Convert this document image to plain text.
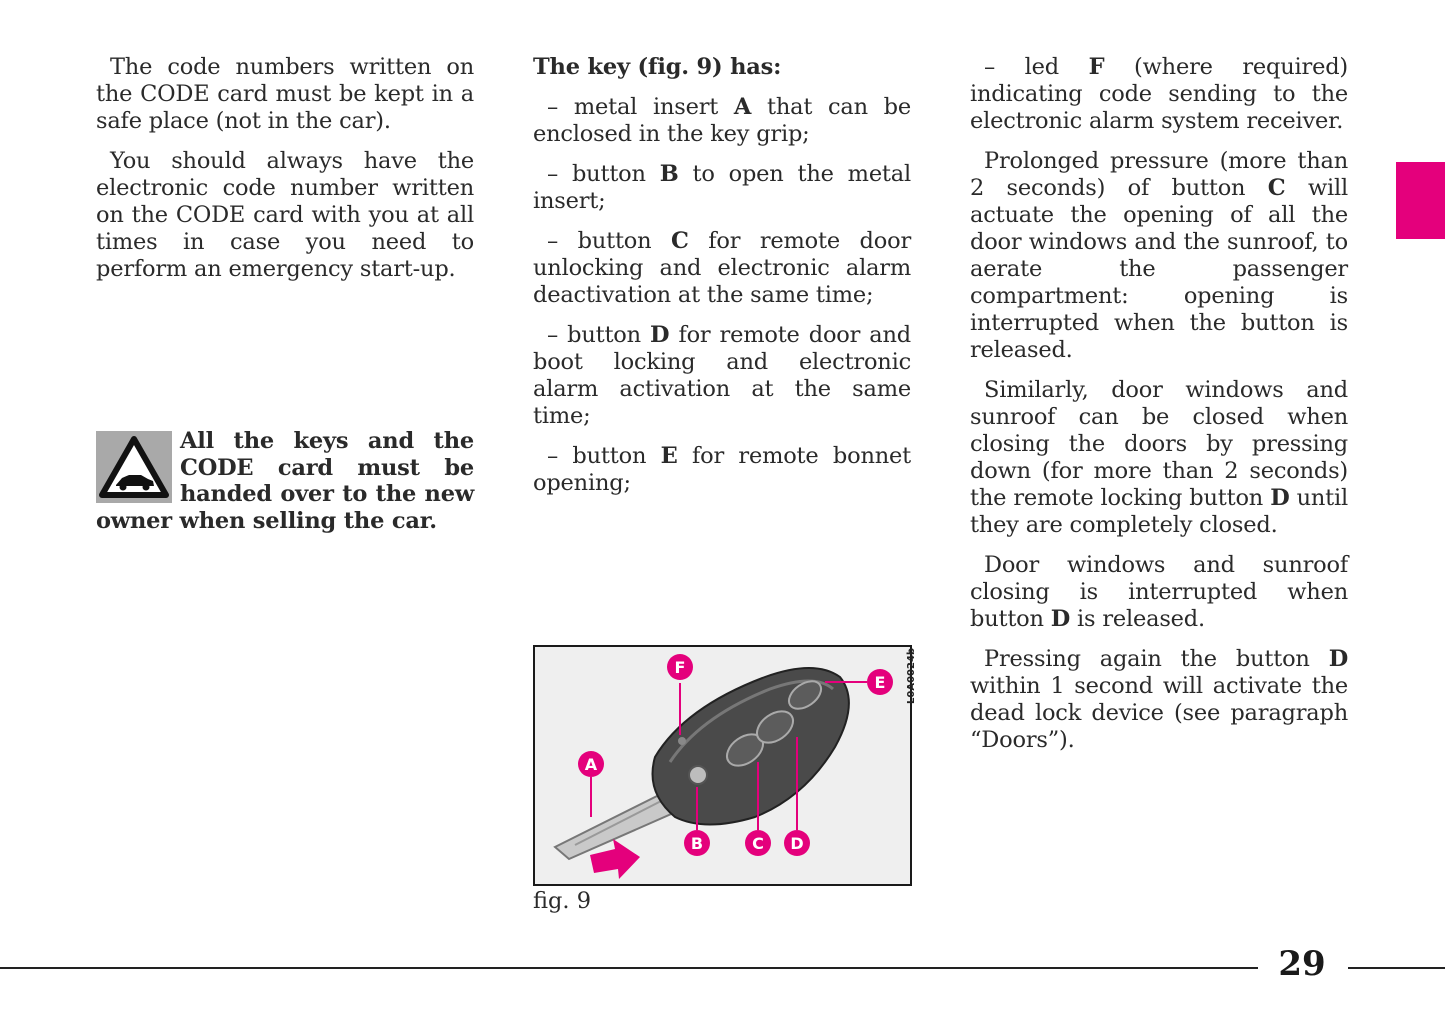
The code numbers written on the CODE card must be kept in a safe place (not in the car).

You should always have the electronic code number written on the CODE card with you at all times in case you need to perform an emergency start-up.

All the keys and the CODE card must be handed over to the new owner when selling the car.

The key (fig. 9) has:

– metal insert A that can be enclosed in the key grip;

– button B to open the metal insert;

– button C for remote door unlocking and electronic alarm deactivation at the same time;

– button D for remote door and boot locking and electronic alarm activation at the same time;

– button E for remote bonnet opening;

F
A
B	C D
E L0A0024b
fig. 9

– led F (where required) indicating code sending to the electronic alarm system receiver.

Prolonged pressure (more than 2 seconds) of button C will actuate the opening of all the door windows and the sunroof, to aerate the passenger compartment: opening is interrupted when the button is released.

Similarly, door windows and sunroof can be closed when closing the doors by pressing down (for more than 2 seconds) the remote locking button D until they are completely closed.

Door windows and sunroof closing is interrupted when button D is released.

Pressing again the button D within 1 second will activate the dead lock device (see paragraph “Doors”).

29
